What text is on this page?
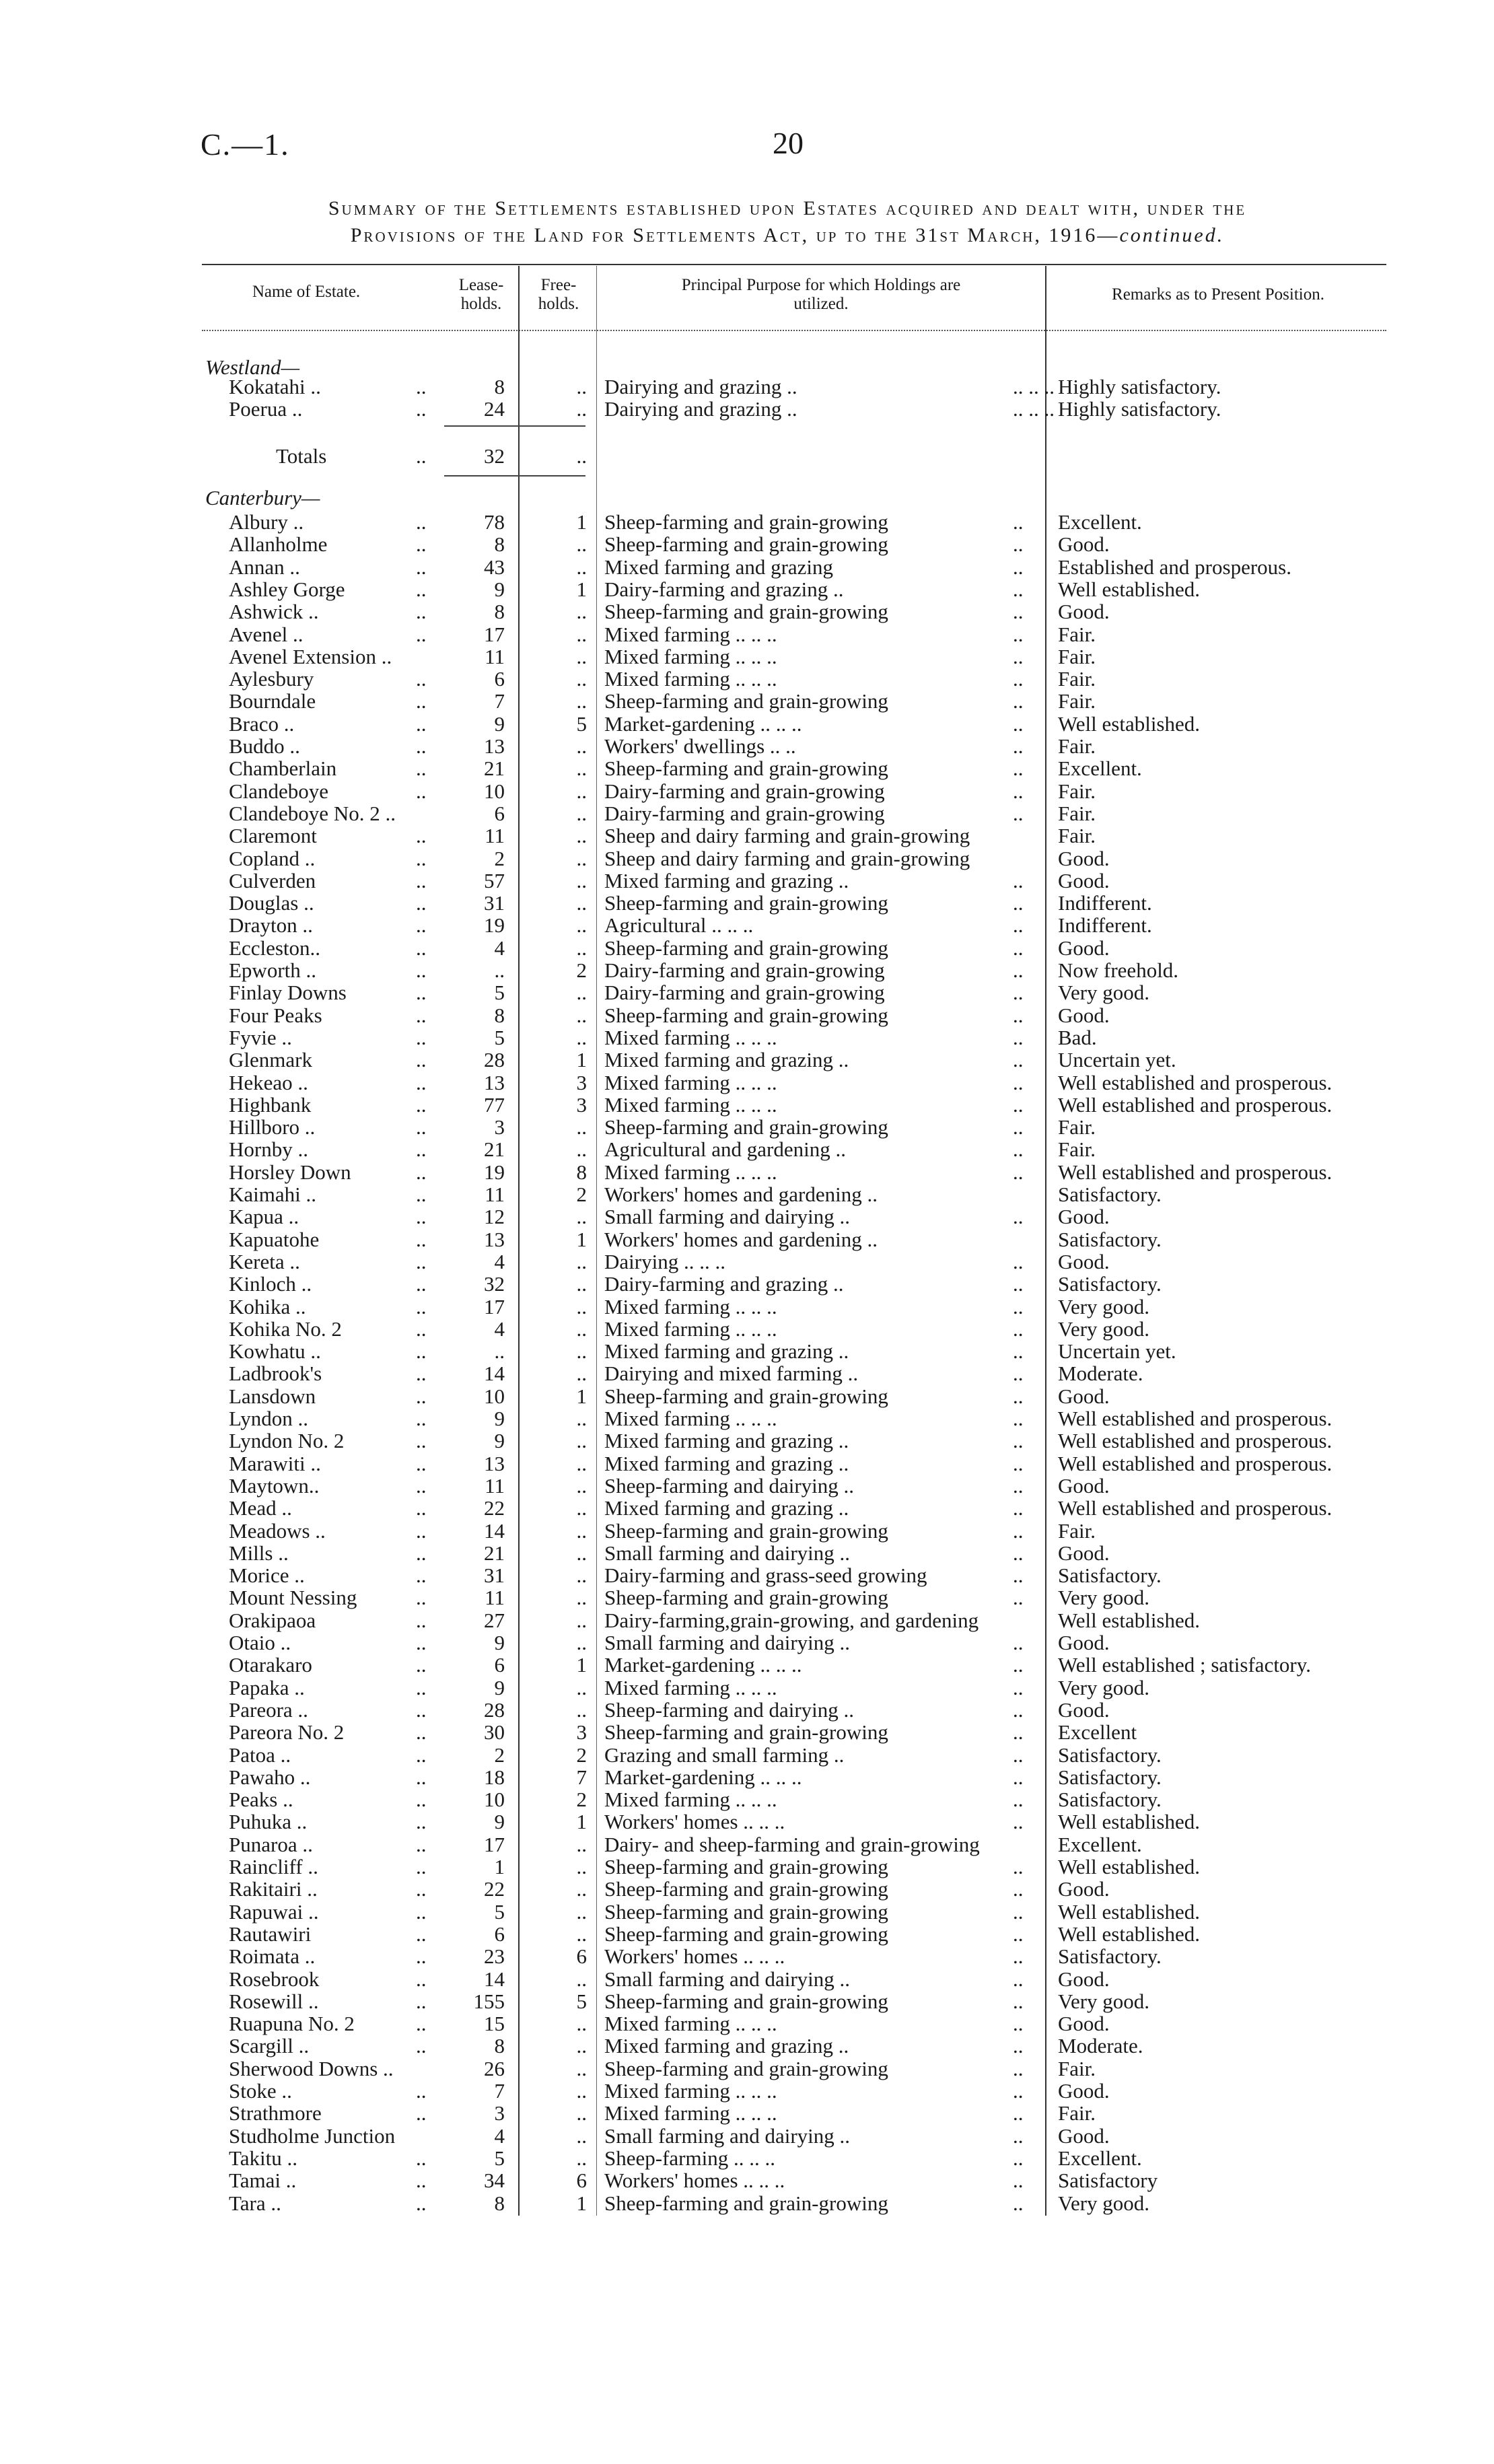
C.—1.	20
Summary of the Settlements established upon Estates acquired and dealt with, under the
Provisions of the Land for Settlements Act, up to the 31st March, 1916—continued.
Name of Estate.	Lease-
holds.
Free-
holds.
Principal Purpose for which Holdings are
utilized.
Remarks as to Present Position.
Westland—
Kokatahi ..	..	8	.. Dairying and grazing ..	.. .. .. Highly satisfactory.
Poerua ..	..	24	.. Dairying and grazing ..	.. .. .. Highly satisfactory.
Totals	..	32	..
Canterbury—
Albury ..	..	78	1 Sheep-farming and grain-growing	.. Excellent.
Allanholme	..	8	.. Sheep-farming and grain-growing	.. Good.
Annan ..	..	43	.. Mixed farming and grazing	.. Established and prosperous.
Ashley Gorge	..	9	1 Dairy-farming and grazing ..	.. Well established.
Ashwick ..	..	8	.. Sheep-farming and grain-growing	.. Good.
Avenel ..	..	17	.. Mixed farming .. .. ..	.. Fair.
Avenel Extension ..	11	.. Mixed farming .. .. ..	.. Fair.
Aylesbury	..	6	.. Mixed farming .. .. ..	.. Fair.
Bourndale	..	7	.. Sheep-farming and grain-growing	.. Fair.
Braco ..	..	9	5 Market-gardening .. .. ..	.. Well established.
Buddo ..	..	13	.. Workers' dwellings .. ..	.. Fair.
Chamberlain	..	21	.. Sheep-farming and grain-growing	.. Excellent.
Clandeboye	..	10	.. Dairy-farming and grain-growing	.. Fair.
Clandeboye No. 2 ..	6	.. Dairy-farming and grain-growing	.. Fair.
Claremont	..	11	.. Sheep and dairy farming and grain-growing	Fair.
Copland ..	..	2	.. Sheep and dairy farming and grain-growing	Good.
Culverden	..	57	.. Mixed farming and grazing ..	.. Good.
Douglas ..	..	31	.. Sheep-farming and grain-growing	.. Indifferent.
Drayton ..	..	19	.. Agricultural .. .. ..	.. Indifferent.
Eccleston..	..	4	.. Sheep-farming and grain-growing	.. Good.
Epworth ..	..	..	2 Dairy-farming and grain-growing	.. Now freehold.
Finlay Downs	..	5	.. Dairy-farming and grain-growing	.. Very good.
Four Peaks	..	8	.. Sheep-farming and grain-growing	.. Good.
Fyvie ..	..	5	.. Mixed farming .. .. ..	.. Bad.
Glenmark	..	28	1 Mixed farming and grazing ..	.. Uncertain yet.
Hekeao ..	..	13	3 Mixed farming .. .. ..	.. Well established and prosperous.
Highbank	..	77	3 Mixed farming .. .. ..	.. Well established and prosperous.
Hillboro ..	..	3	.. Sheep-farming and grain-growing	.. Fair.
Hornby ..	..	21	.. Agricultural and gardening ..	.. Fair.
Horsley Down	..	19	8 Mixed farming .. .. ..	.. Well established and prosperous.
Kaimahi ..	..	11	2 Workers' homes and gardening ..	Satisfactory.
Kapua ..	..	12	.. Small farming and dairying ..	.. Good.
Kapuatohe	..	13	1 Workers' homes and gardening ..	Satisfactory.
Kereta ..	..	4	.. Dairying .. .. ..	.. Good.
Kinloch ..	..	32	.. Dairy-farming and grazing ..	.. Satisfactory.
Kohika ..	..	17	.. Mixed farming .. .. ..	.. Very good.
Kohika No. 2	..	4	.. Mixed farming .. .. ..	.. Very good.
Kowhatu ..	..	..	.. Mixed farming and grazing ..	.. Uncertain yet.
Ladbrook's	..	14	.. Dairying and mixed farming ..	.. Moderate.
Lansdown	..	10	1 Sheep-farming and grain-growing	.. Good.
Lyndon ..	..	9	.. Mixed farming .. .. ..	.. Well established and prosperous.
Lyndon No. 2	..	9	.. Mixed farming and grazing ..	.. Well established and prosperous.
Marawiti ..	..	13	.. Mixed farming and grazing ..	.. Well established and prosperous.
Maytown..	..	11	.. Sheep-farming and dairying ..	.. Good.
Mead ..	..	22	.. Mixed farming and grazing ..	.. Well established and prosperous.
Meadows ..	..	14	.. Sheep-farming and grain-growing	.. Fair.
Mills ..	..	21	.. Small farming and dairying ..	.. Good.
Morice ..	..	31	.. Dairy-farming and grass-seed growing	.. Satisfactory.
Mount Nessing	..	11	.. Sheep-farming and grain-growing	.. Very good.
Orakipaoa	..	27	.. Dairy-farming,grain-growing, and gardening	Well established.
Otaio ..	..	9	.. Small farming and dairying ..	.. Good.
Otarakaro	..	6	1 Market-gardening .. .. ..	.. Well established ; satisfactory.
Papaka ..	..	9	.. Mixed farming .. .. ..	.. Very good.
Pareora ..	..	28	.. Sheep-farming and dairying ..	.. Good.
Pareora No. 2	..	30	3 Sheep-farming and grain-growing	.. Excellent
Patoa ..	..	2	2 Grazing and small farming ..	.. Satisfactory.
Pawaho ..	..	18	7 Market-gardening .. .. ..	.. Satisfactory.
Peaks ..	..	10	2 Mixed farming .. .. ..	.. Satisfactory.
Puhuka ..	..	9	1 Workers' homes .. .. ..	.. Well established.
Punaroa ..	..	17	.. Dairy- and sheep-farming and grain-growing	Excellent.
Raincliff ..	..	1	.. Sheep-farming and grain-growing	.. Well established.
Rakitairi ..	..	22	.. Sheep-farming and grain-growing	.. Good.
Rapuwai ..	..	5	.. Sheep-farming and grain-growing	.. Well established.
Rautawiri	..	6	.. Sheep-farming and grain-growing	.. Well established.
Roimata ..	..	23	6 Workers' homes .. .. ..	.. Satisfactory.
Rosebrook	..	14	.. Small farming and dairying ..	.. Good.
Rosewill ..	..	155	5 Sheep-farming and grain-growing	.. Very good.
Ruapuna No. 2	..	15	.. Mixed farming .. .. ..	.. Good.
Scargill ..	..	8	.. Mixed farming and grazing ..	.. Moderate.
Sherwood Downs ..	26	.. Sheep-farming and grain-growing	.. Fair.
Stoke ..	..	7	.. Mixed farming .. .. ..	.. Good.
Strathmore	..	3	.. Mixed farming .. .. ..	.. Fair.
Studholme Junction	4	.. Small farming and dairying ..	.. Good.
Takitu ..	..	5	.. Sheep-farming .. .. ..	.. Excellent.
Tamai ..	..	34	6 Workers' homes .. .. ..	.. Satisfactory
Tara ..	..	8	1 Sheep-farming and grain-growing	.. Very good.
